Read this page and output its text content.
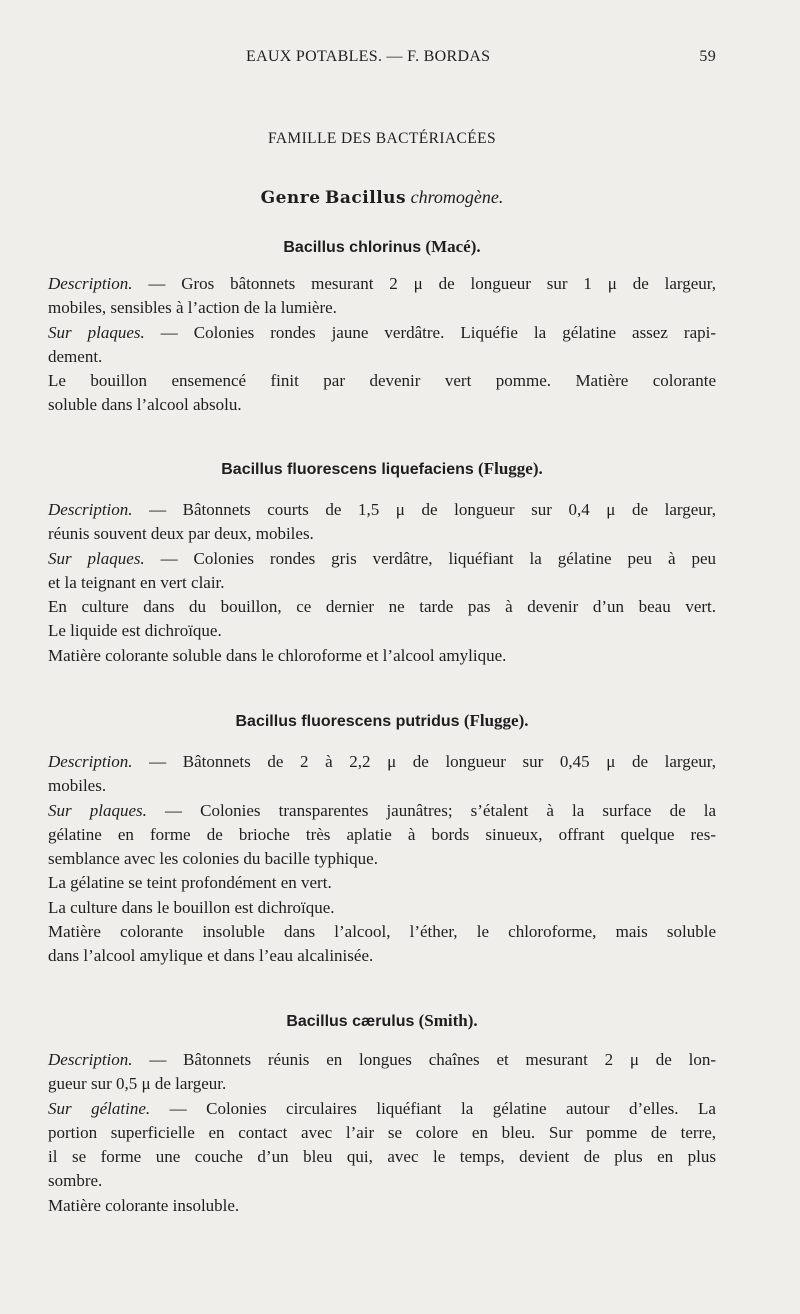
EAUX POTABLES. — F. BORDAS	59
FAMILLE DES BACTÉRIACÉES
Genre Bacillus chromogène.
Bacillus chlorinus (Macé).
Description. — Gros bâtonnets mesurant 2 μ de longueur sur 1 μ de largeur,
mobiles, sensibles à l’action de la lumière.
Sur plaques. — Colonies rondes jaune verdâtre. Liquéfie la gélatine assez rapi-
dement.
Le bouillon ensemencé finit par devenir vert pomme. Matière colorante
soluble dans l’alcool absolu.
Bacillus fluorescens liquefaciens (Flugge).
Description. — Bâtonnets courts de 1,5 μ de longueur sur 0,4 μ de largeur,
réunis souvent deux par deux, mobiles.
Sur plaques. — Colonies rondes gris verdâtre, liquéfiant la gélatine peu à peu
et la teignant en vert clair.
En culture dans du bouillon, ce dernier ne tarde pas à devenir d’un beau vert.
Le liquide est dichroïque.
Matière colorante soluble dans le chloroforme et l’alcool amylique.
Bacillus fluorescens putridus (Flugge).
Description. — Bâtonnets de 2 à 2,2 μ de longueur sur 0,45 μ de largeur,
mobiles.
Sur plaques. — Colonies transparentes jaunâtres; s’étalent à la surface de la
gélatine en forme de brioche très aplatie à bords sinueux, offrant quelque res-
semblance avec les colonies du bacille typhique.
La gélatine se teint profondément en vert.
La culture dans le bouillon est dichroïque.
Matière colorante insoluble dans l’alcool, l’éther, le chloroforme, mais soluble
dans l’alcool amylique et dans l’eau alcalinisée.
Bacillus cærulus (Smith).
Description. — Bâtonnets réunis en longues chaînes et mesurant 2 μ de lon-
gueur sur 0,5 μ de largeur.
Sur gélatine. — Colonies circulaires liquéfiant la gélatine autour d’elles. La
portion superficielle en contact avec l’air se colore en bleu. Sur pomme de terre,
il se forme une couche d’un bleu qui, avec le temps, devient de plus en plus
sombre.
Matière colorante insoluble.
